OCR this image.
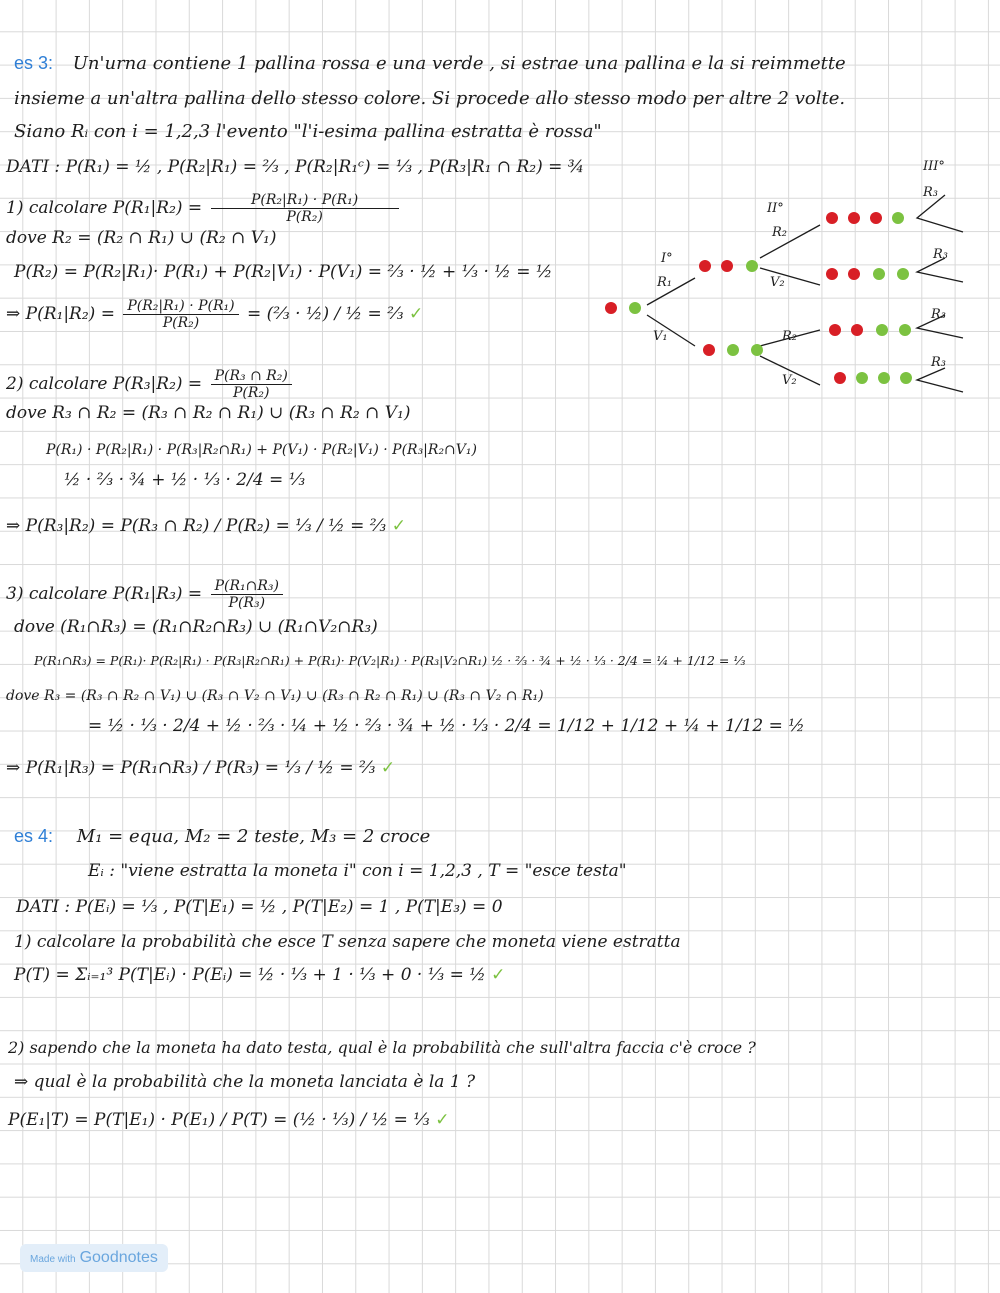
es 3: Un'urna contiene 1 pallina rossa e una verde , si estrae una pallina e la si reimmette
insieme a un'altra pallina dello stesso colore. Si procede allo stesso modo per altre 2 volte.
Siano Rᵢ con i = 1,2,3 l'evento "l'i-esima pallina estratta è rossa"
DATI : P(R₁) = ½ , P(R₂|R₁) = ⅔ , P(R₂|R₁ᶜ) = ⅓ , P(R₃|R₁ ∩ R₂) = ¾
1) calcolare $P(R_1|R_2) = \frac{\text{P(R₂|R₁) · P(R₁)}}{\text{P(R₂)}}$
dove R₂ = (R₂ ∩ R₁) ∪ (R₂ ∩ V₁)
P(R₂) = P(R₂|R₁)· P(R₁) + P(R₂|V₁) · P(V₁) = ⅔ · ½ + ⅓ · ½ = ½
⇒ $P(R_1|R_2) = \frac{\text{P(R₂|R₁) · P(R₁)}}{\text{P(R₂)}}$ = (⅔ · ½) / ½ = ⅔ ✓
2) calcolare $P(R_3|R_2) = \frac{\text{P(R₃ ∩ R₂)}}{\text{P(R₂)}}$
dove R₃ ∩ R₂ = (R₃ ∩ R₂ ∩ R₁) ∪ (R₃ ∩ R₂ ∩ V₁)
P(R₁) · P(R₂|R₁) · P(R₃|R₂∩R₁) + P(V₁) · P(R₂|V₁) · P(R₃|R₂∩V₁)
½ · ⅔ · ¾ + ½ · ⅓ · 2/4 = ⅓
⇒ P(R₃|R₂) = P(R₃ ∩ R₂) / P(R₂) = ⅓ / ½ = ⅔ ✓
3) calcolare $P(R_1|R_3) = \frac{\text{P(R₁∩R₃)}}{\text{P(R₃)}}$
dove (R₁∩R₃) = (R₁∩R₂∩R₃) ∪ (R₁∩V₂∩R₃)
P(R₁∩R₃) = P(R₁)· P(R₂|R₁) · P(R₃|R₂∩R₁) + P(R₁)· P(V₂|R₁) · P(R₃|V₂∩R₁) ½ · ⅔ · ¾ + ½ · ⅓ · 2/4 = ¼ + 1/12 = ⅓
dove R₃ = (R₃ ∩ R₂ ∩ V₁) ∪ (R₃ ∩ V₂ ∩ V₁) ∪ (R₃ ∩ R₂ ∩ R₁) ∪ (R₃ ∩ V₂ ∩ R₁)
= ½ · ⅓ · 2/4 + ½ · ⅔ · ¼ + ½ · ⅔ · ¾ + ½ · ⅓ · 2/4 = 1/12 + 1/12 + ¼ + 1/12 = ½
⇒ P(R₁|R₃) = P(R₁∩R₃) / P(R₃) = ⅓ / ½ = ⅔ ✓
I°
II°
III°
R₁
V₁
R₂
V₂
R₂
V₂
R₃
R₃
R₃
R₃
es 4: M₁ = equa, M₂ = 2 teste, M₃ = 2 croce
Eᵢ : "viene estratta la moneta i" con i = 1,2,3 , T = "esce testa"
DATI : P(Eᵢ) = ⅓ , P(T|E₁) = ½ , P(T|E₂) = 1 , P(T|E₃) = 0
1) calcolare la probabilità che esce T senza sapere che moneta viene estratta
P(T) = Σᵢ₌₁³ P(T|Eᵢ) · P(Eᵢ) = ½ · ⅓ + 1 · ⅓ + 0 · ⅓ = ½ ✓
2) sapendo che la moneta ha dato testa, qual è la probabilità che sull'altra faccia c'è croce ?
⇒ qual è la probabilità che la moneta lanciata è la 1 ?
P(E₁|T) = P(T|E₁) · P(E₁) / P(T) = (½ · ⅓) / ½ = ⅓ ✓
Made with Goodnotes
